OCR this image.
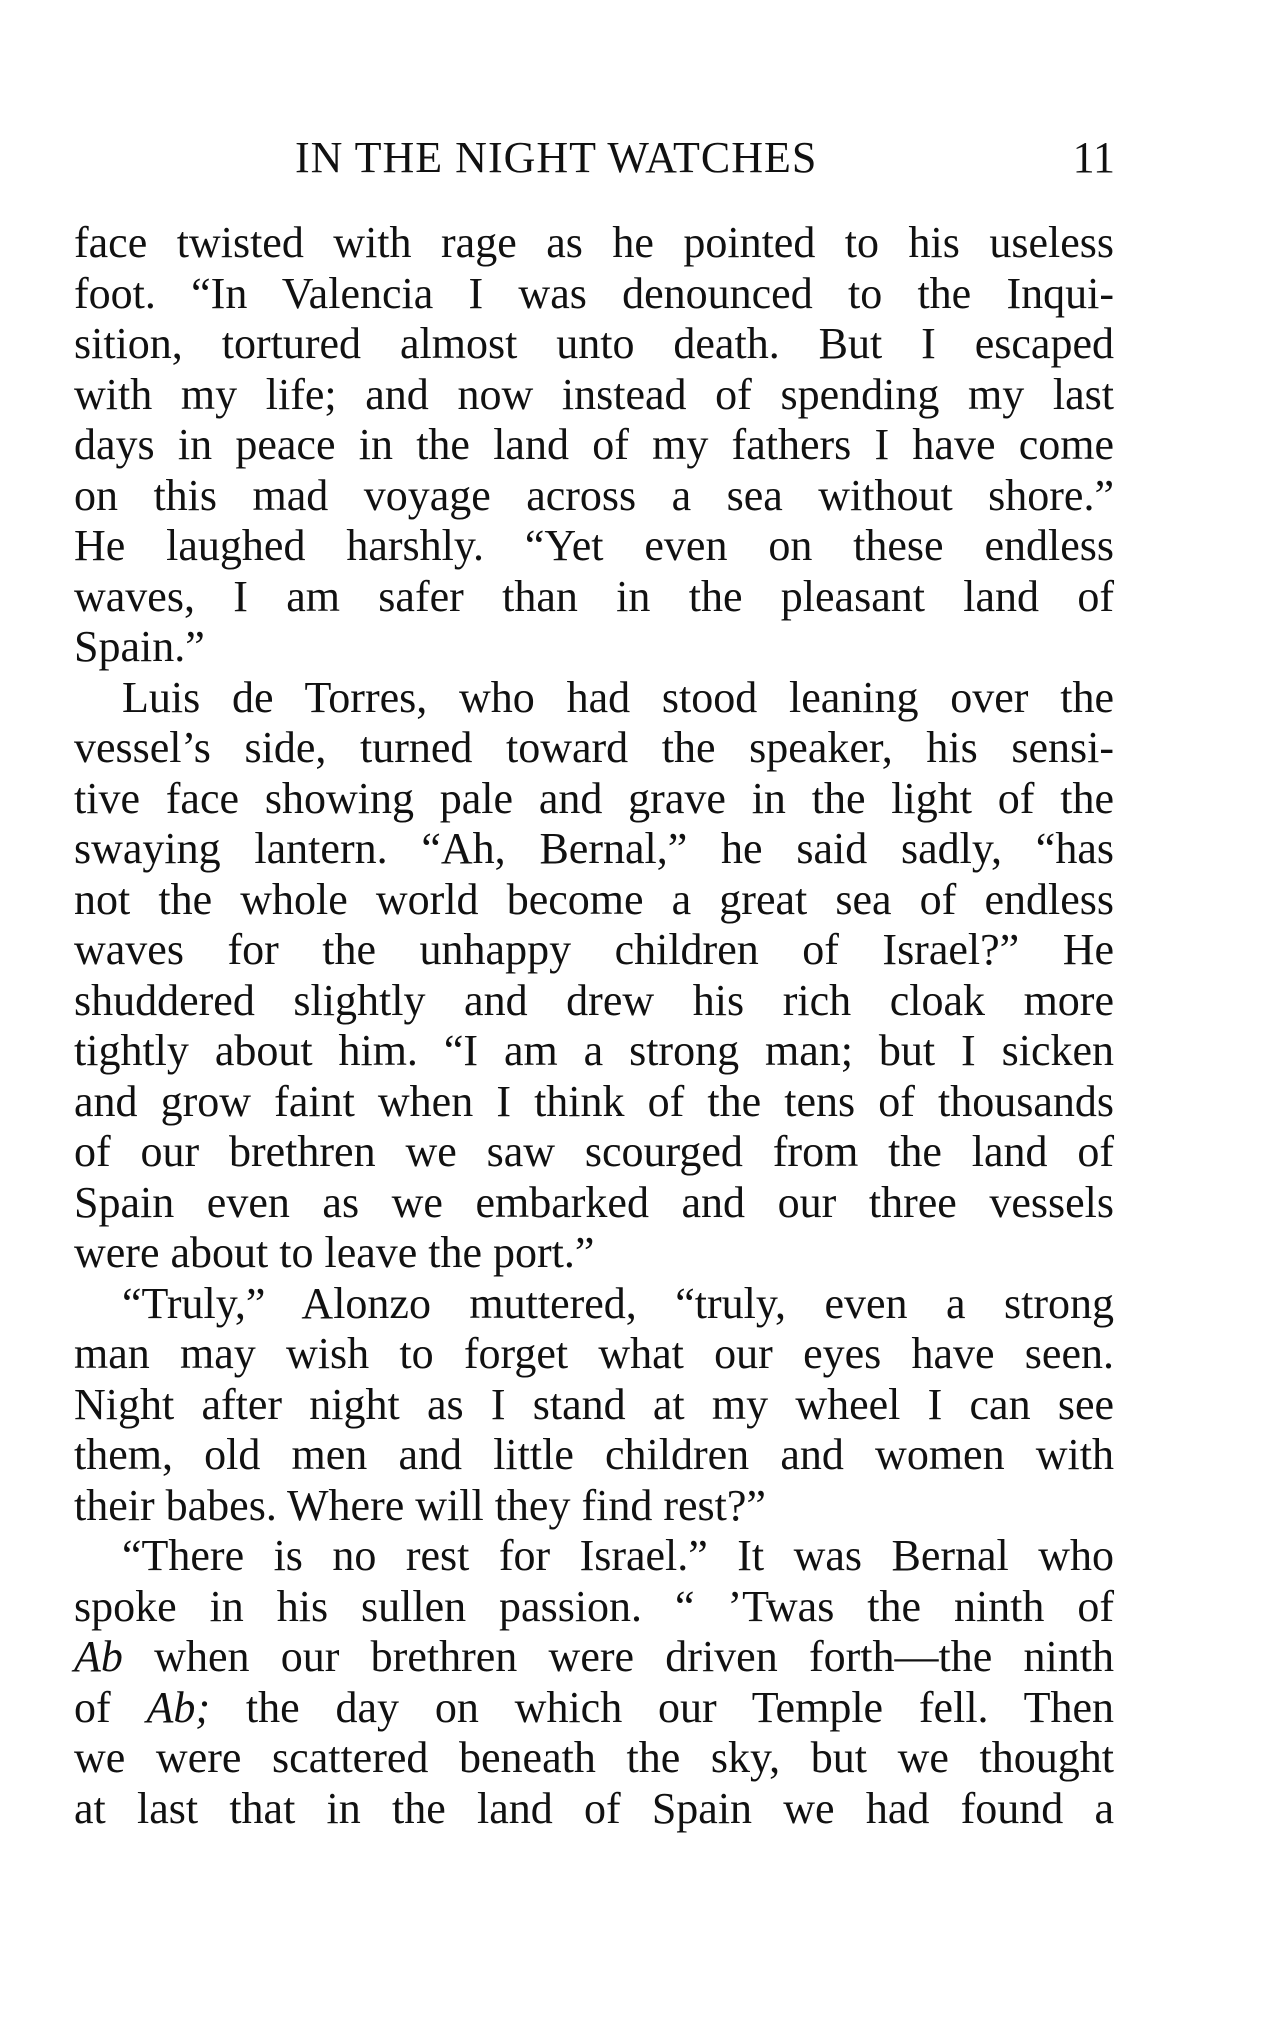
IN THE NIGHT WATCHES	11
face twisted with rage as he pointed to his useless
foot. “In Valencia I was denounced to the Inqui-
sition, tortured almost unto death. But I escaped
with my life; and now instead of spending my last
days in peace in the land of my fathers I have come
on this mad voyage across a sea without shore.”
He laughed harshly. “Yet even on these endless
waves, I am safer than in the pleasant land of
Spain.”
Luis de Torres, who had stood leaning over the
vessel’s side, turned toward the speaker, his sensi-
tive face showing pale and grave in the light of the
swaying lantern. “Ah, Bernal,” he said sadly, “has
not the whole world become a great sea of endless
waves for the unhappy children of Israel?” He
shuddered slightly and drew his rich cloak more
tightly about him. “I am a strong man; but I sicken
and grow faint when I think of the tens of thousands
of our brethren we saw scourged from the land of
Spain even as we embarked and our three vessels
were about to leave the port.”
“Truly,” Alonzo muttered, “truly, even a strong
man may wish to forget what our eyes have seen.
Night after night as I stand at my wheel I can see
them, old men and little children and women with
their babes. Where will they find rest?”
“There is no rest for Israel.” It was Bernal who
spoke in his sullen passion. “ ’Twas the ninth of
Ab when our brethren were driven forth—the ninth
of Ab; the day on which our Temple fell. Then
we were scattered beneath the sky, but we thought
at last that in the land of Spain we had found a
